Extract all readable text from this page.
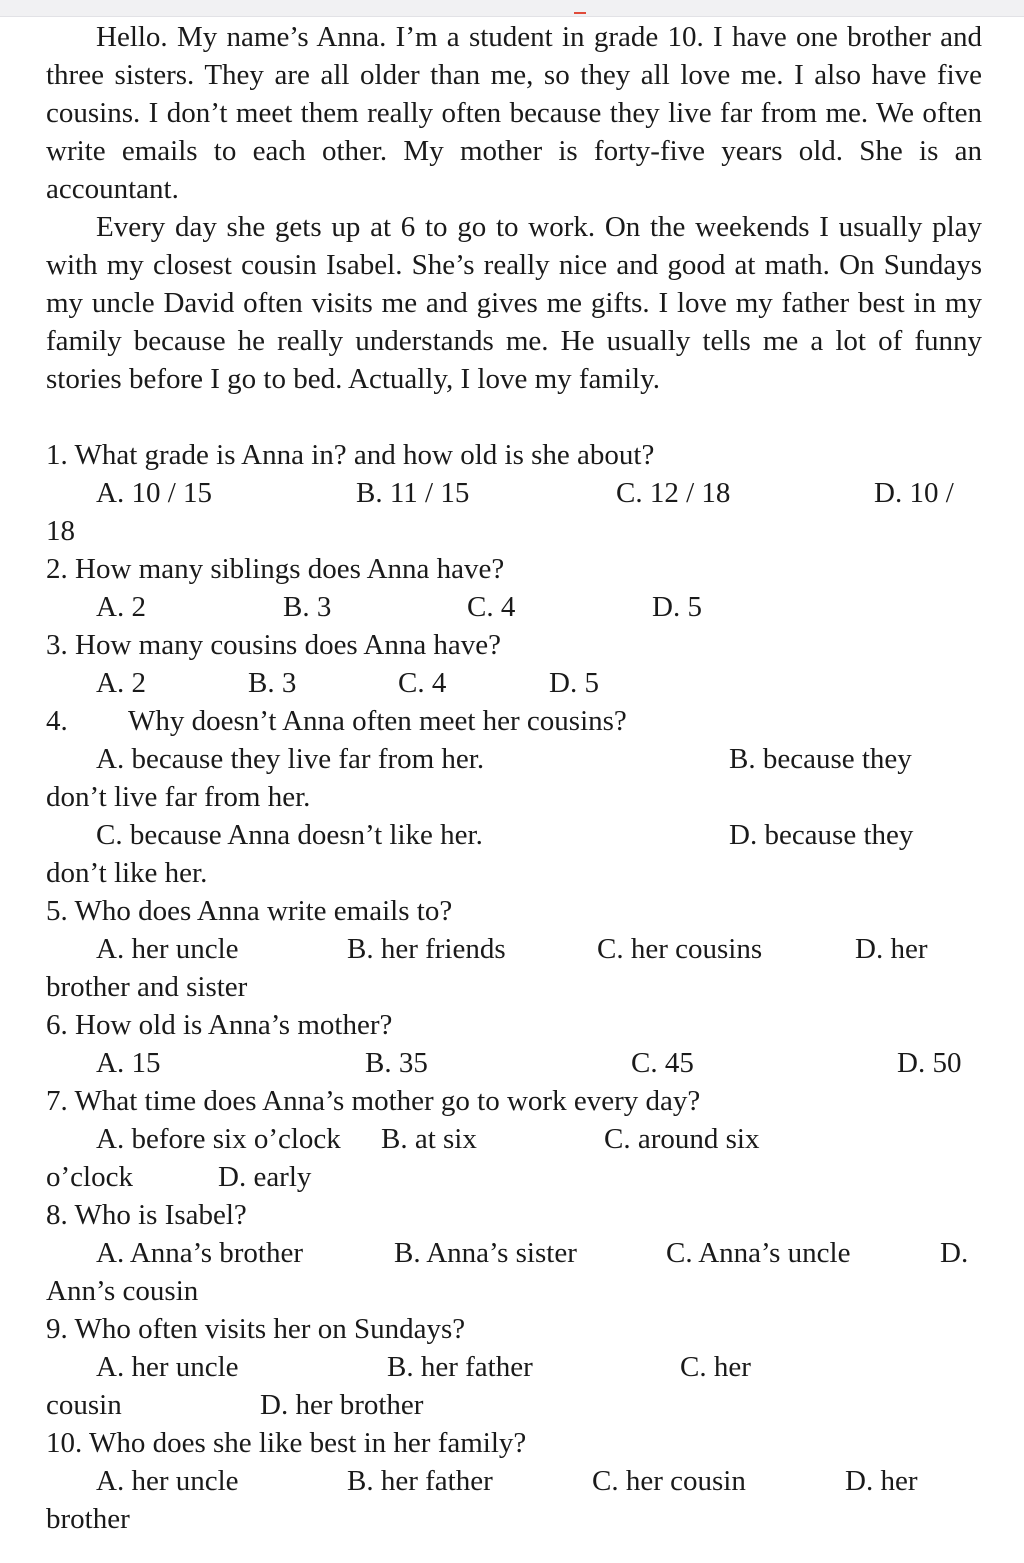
Hello. My name’s Anna. I’m a student in grade 10. I have one brother and three sisters. They are all older than me, so they all love me. I also have five cousins. I don’t meet them really often because they live far from me. We often write emails to each other. My mother is forty-five years old. She is an accountant.

Every day she gets up at 6 to go to work. On the weekends I usually play with my closest cousin Isabel. She’s really nice and good at math. On Sundays my uncle David often visits me and gives me gifts. I love my father best in my family because he really understands me. He usually tells me a lot of funny stories before I go to bed. Actually, I love my family.

1. What grade is Anna in? and how old is she about?
A. 10 / 15	B. 11 / 15	C. 12 / 18	D. 10 /
18
2. How many siblings does Anna have?
A. 2	B. 3	C. 4	D. 5
3. How many cousins does Anna have?
A. 2	B. 3	C. 4	D. 5
4. Why doesn’t Anna often meet her cousins?
A. because they live far from her.	B. because they
don’t live far from her.
C. because Anna doesn’t like her.	D. because they
don’t like her.
5. Who does Anna write emails to?
A. her uncle	B. her friends	C. her cousins	D. her
brother and sister
6. How old is Anna’s mother?
A. 15	B. 35	C. 45	D. 50
7. What time does Anna’s mother go to work every day?
A. before six o’clock B. at six	C. around six
o’clock	D. early
8. Who is Isabel?
A. Anna’s brother	B. Anna’s sister	C. Anna’s uncle	D.
Ann’s cousin
9. Who often visits her on Sundays?
A. her uncle	B. her father	C. her
cousin	D. her brother
10. Who does she like best in her family?
A. her uncle	B. her father	C. her cousin	D. her
brother
